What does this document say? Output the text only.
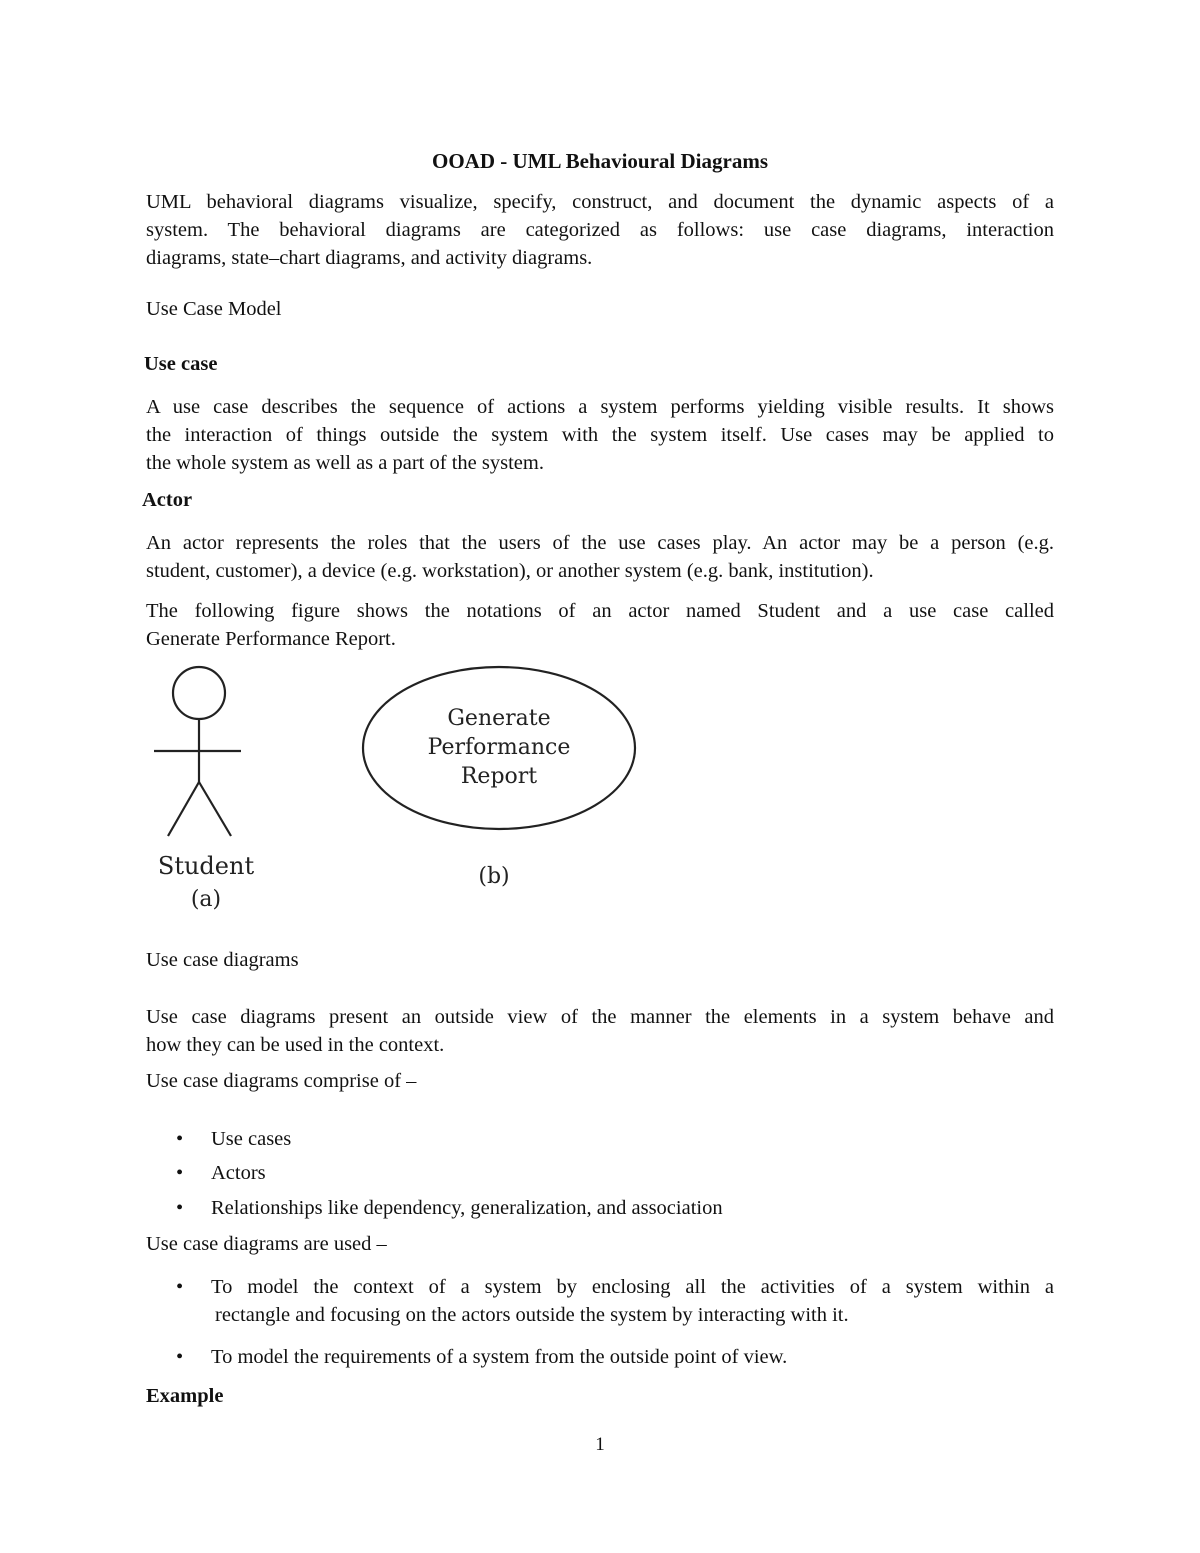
OOAD - UML Behavioural Diagrams
UML behavioral diagrams visualize, specify, construct, and document the dynamic aspects of a
system. The behavioral diagrams are categorized as follows: use case diagrams, interaction
diagrams, state–chart diagrams, and activity diagrams.
Use Case Model
Use case
A use case describes the sequence of actions a system performs yielding visible results. It shows
the interaction of things outside the system with the system itself. Use cases may be applied to
the whole system as well as a part of the system.
Actor
An actor represents the roles that the users of the use cases play. An actor may be a person (e.g.
student, customer), a device (e.g. workstation), or another system (e.g. bank, institution).
The following figure shows the notations of an actor named Student and a use case called
Generate Performance Report.
Student
(a)
Generate
Performance
Report
(b)
Use case diagrams
Use case diagrams present an outside view of the manner the elements in a system behave and
how they can be used in the context.
Use case diagrams comprise of –
• Use cases
• Actors
• Relationships like dependency, generalization, and association
Use case diagrams are used –
• To model the context of a system by enclosing all the activities of a system within a
rectangle and focusing on the actors outside the system by interacting with it.
• To model the requirements of a system from the outside point of view.
Example
1
